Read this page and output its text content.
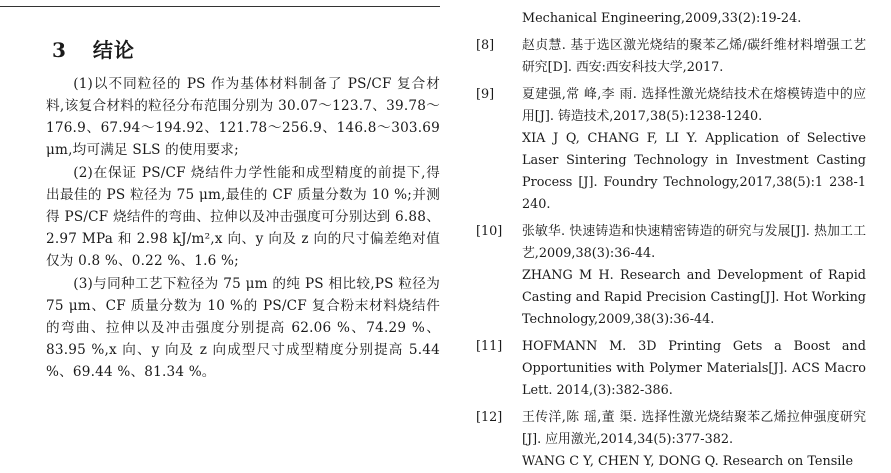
3 结论

(1)以不同粒径的 PS 作为基体材料制备了 PS/CF 复合材料,该复合材料的粒径分布范围分别为 30.07～123.7、39.78～176.9、67.94～194.92、121.78～256.9、146.8～303.69 μm,均可满足 SLS 的使用要求;

(2)在保证 PS/CF 烧结件力学性能和成型精度的前提下,得出最佳的 PS 粒径为 75 μm,最佳的 CF 质量分数为 10 %;并测得 PS/CF 烧结件的弯曲、拉伸以及冲击强度可分别达到 6.88、2.97 MPa 和 2.98 kJ/m²,x 向、y 向及 z 向的尺寸偏差绝对值仅为 0.8 %、0.22 %、1.6 %;

(3)与同种工艺下粒径为 75 μm 的纯 PS 相比较,PS 粒径为 75 μm、CF 质量分数为 10 %的 PS/CF 复合粉末材料烧结件的弯曲、拉伸以及冲击强度分别提高 62.06 %、74.29 %、83.95 %,x 向、y 向及 z 向成型尺寸成型精度分别提高 5.44 %、69.44 %、81.34 %。

Mechanical Engineering,2009,33(2):19-24.
[8]	赵贞慧. 基于选区激光烧结的聚苯乙烯/碳纤维材料增强工艺研究[D]. 西安:西安科技大学,2017.
[9]	夏建强,常 峰,李 雨. 选择性激光烧结技术在熔模铸造中的应用[J]. 铸造技术,2017,38(5):1238-1240.
XIA J Q, CHANG F, LI Y. Application of Selective Laser Sintering Technology in Investment Casting Process [J]. Foundry Technology,2017,38(5):1 238-1 240.
[10]	张敏华. 快速铸造和快速精密铸造的研究与发展[J]. 热加工工艺,2009,38(3):36-44.
ZHANG M H. Research and Development of Rapid Casting and Rapid Precision Casting[J]. Hot Working Technology,2009,38(3):36-44.
[11]	HOFMANN M. 3D Printing Gets a Boost and Opportunities with Polymer Materials[J]. ACS Macro Lett. 2014,(3):382-386.
[12]	王传洋,陈 瑶,董 渠. 选择性激光烧结聚苯乙烯拉伸强度研究[J]. 应用激光,2014,34(5):377-382.
WANG C Y, CHEN Y, DONG Q. Research on Tensile
